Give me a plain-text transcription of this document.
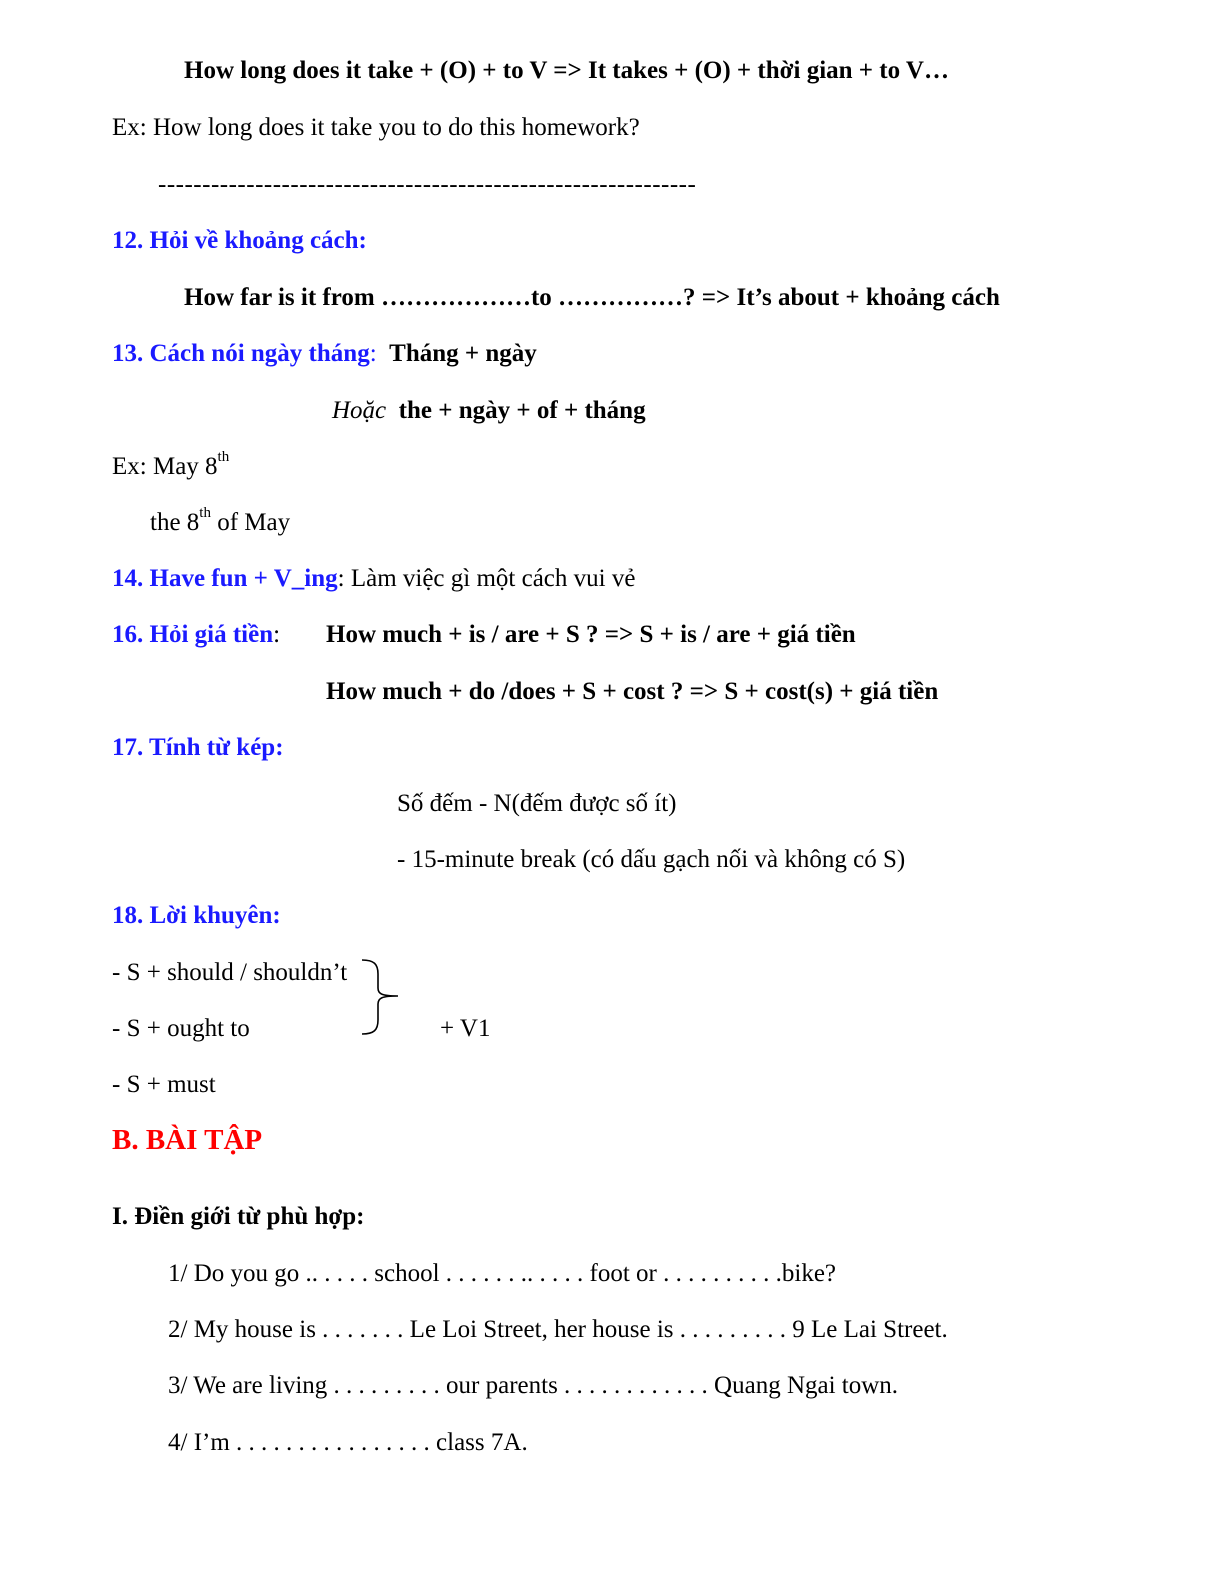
How long does it take + (O) + to V => It takes + (O) + thời gian + to V…
Ex: How long does it take you to do this homework?
-------------------------------------------------------------
12. Hỏi về khoảng cách:
How far is it from ………………to ……………? => It’s about + khoảng cách
13. Cách nói ngày tháng: Tháng + ngày
Hoặc the + ngày + of + tháng
Ex: May 8th
the 8th of May
14. Have fun + V_ing: Làm việc gì một cách vui vẻ
16. Hỏi giá tiền: How much + is / are + S ? => S + is / are + giá tiền
How much + do /does + S + cost ? => S + cost(s) + giá tiền
17. Tính từ kép:
Số đếm - N(đếm được số ít)
- 15-minute break (có dấu gạch nối và không có S)
18. Lời khuyên:
- S + should / shouldn’t
- S + ought to
- S + must
+ V1
B. BÀI TẬP
I. Điền giới từ phù hợp:
1/ Do you go .. . . . . school . . . . . . .. . . . . foot or . . . . . . . . . .bike?
2/ My house is . . . . . . . Le Loi Street, her house is . . . . . . . . . 9 Le Lai Street.
3/ We are living . . . . . . . . . our parents . . . . . . . . . . . . Quang Ngai town.
4/ I’m . . . . . . . . . . . . . . . . class 7A.
